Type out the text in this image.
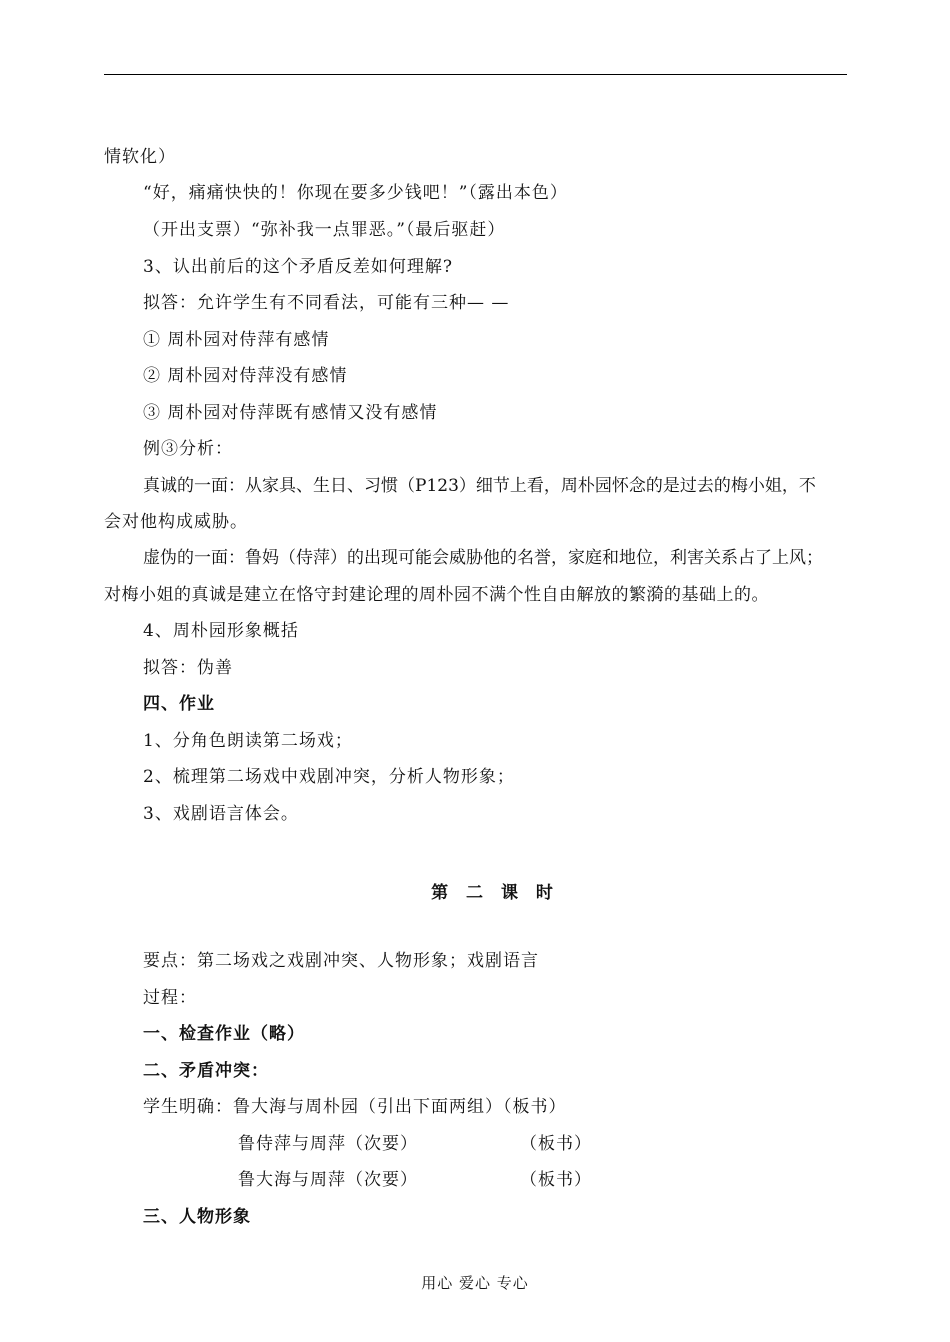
情软化）
“好，痛痛快快的！你现在要多少钱吧！”（露出本色）
（开出支票）“弥补我一点罪恶。”（最后驱赶）
3、认出前后的这个矛盾反差如何理解?
拟答：允许学生有不同看法，可能有三种— —
① 周朴园对侍萍有感情
② 周朴园对侍萍没有感情
③ 周朴园对侍萍既有感情又没有感情
例③分析：
真诚的一面：从家具、生日、习惯（P123）细节上看，周朴园怀念的是过去的梅小姐，不
会对他构成威胁。
虚伪的一面：鲁妈（侍萍）的出现可能会威胁他的名誉，家庭和地位，利害关系占了上风；
对梅小姐的真诚是建立在恪守封建论理的周朴园不满个性自由解放的繁漪的基础上的。
4、周朴园形象概括
拟答：伪善
四、作业
1、分角色朗读第二场戏；
2、梳理第二场戏中戏剧冲突，分析人物形象；
3、戏剧语言体会。
第 二 课 时
要点：第二场戏之戏剧冲突、人物形象；戏剧语言
过程：
一、检查作业（略）
二、矛盾冲突：
学生明确：鲁大海与周朴园（引出下面两组）（板书）
鲁侍萍与周萍（次要）	（板书）
鲁大海与周萍（次要）	（板书）
三、人物形象
用心 爱心 专心
